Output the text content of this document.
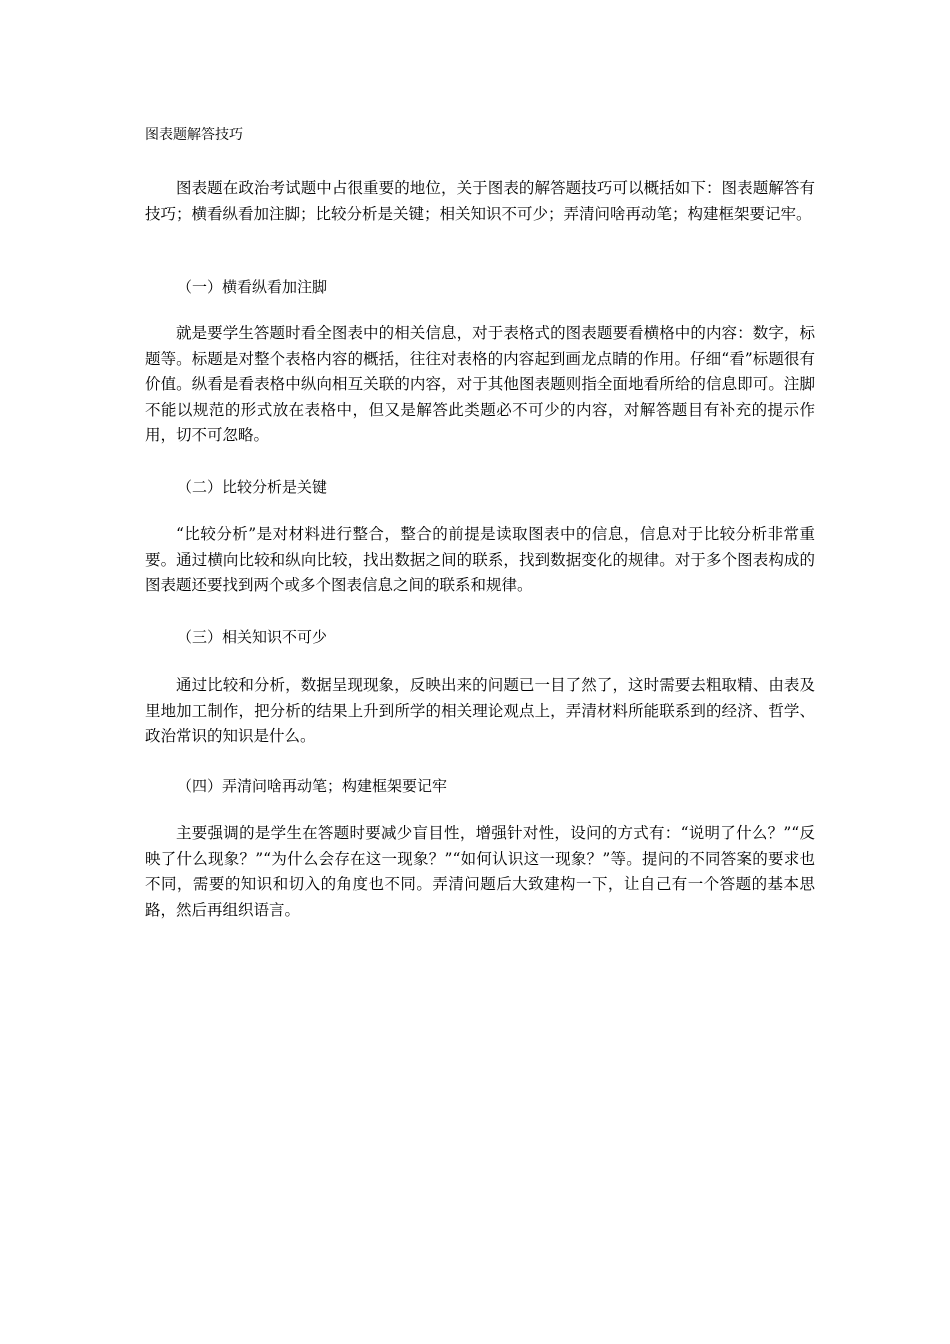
图表题解答技巧

图表题在政治考试题中占很重要的地位，关于图表的解答题技巧可以概括如下：图表题解答有技巧；横看纵看加注脚；比较分析是关键；相关知识不可少；弄清问啥再动笔；构建框架要记牢。

（一）横看纵看加注脚

就是要学生答题时看全图表中的相关信息，对于表格式的图表题要看横格中的内容：数字，标题等。标题是对整个表格内容的概括，往往对表格的内容起到画龙点睛的作用。仔细“看”标题很有价值。纵看是看表格中纵向相互关联的内容，对于其他图表题则指全面地看所给的信息即可。注脚不能以规范的形式放在表格中，但又是解答此类题必不可少的内容，对解答题目有补充的提示作用，切不可忽略。

（二）比较分析是关键

“比较分析”是对材料进行整合，整合的前提是读取图表中的信息，信息对于比较分析非常重要。通过横向比较和纵向比较，找出数据之间的联系，找到数据变化的规律。对于多个图表构成的图表题还要找到两个或多个图表信息之间的联系和规律。

（三）相关知识不可少

通过比较和分析，数据呈现现象，反映出来的问题已一目了然了，这时需要去粗取精、由表及里地加工制作，把分析的结果上升到所学的相关理论观点上，弄清材料所能联系到的经济、哲学、政治常识的知识是什么。

（四）弄清问啥再动笔；构建框架要记牢

主要强调的是学生在答题时要减少盲目性，增强针对性，设问的方式有：“说明了什么？”“反映了什么现象？”“为什么会存在这一现象？”“如何认识这一现象？”等。提问的不同答案的要求也不同，需要的知识和切入的角度也不同。弄清问题后大致建构一下，让自己有一个答题的基本思路，然后再组织语言。
